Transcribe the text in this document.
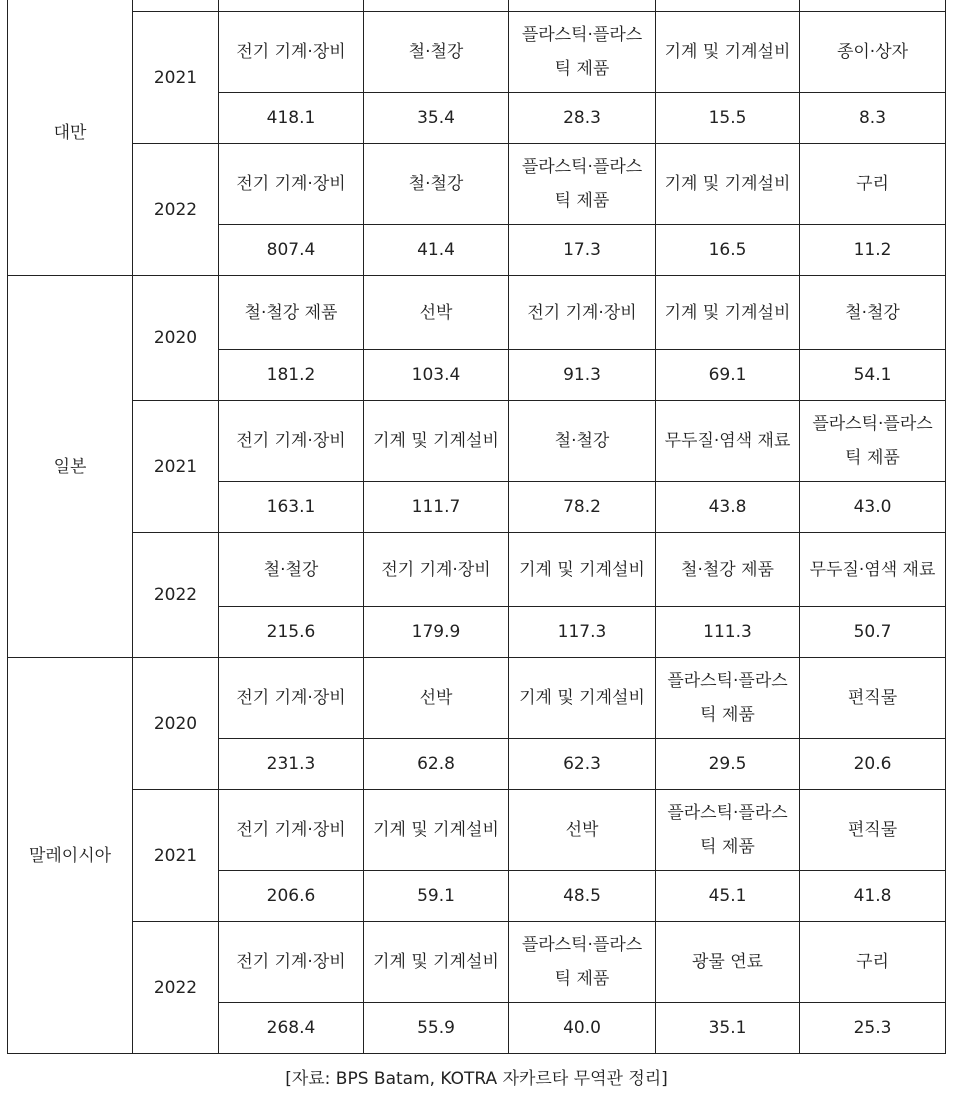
대만						
	2021	전기 기계·장비	철·철강	플라스틱·플라스틱 제품	기계 및 기계설비	종이·상자
		418.1	35.4	28.3	15.5	8.3
	2022	전기 기계·장비	철·철강	플라스틱·플라스틱 제품	기계 및 기계설비	구리
		807.4	41.4	17.3	16.5	11.2
일본	2020	철·철강 제품	선박	전기 기계·장비	기계 및 기계설비	철·철강
		181.2	103.4	91.3	69.1	54.1
	2021	전기 기계·장비	기계 및 기계설비	철·철강	무두질·염색 재료	플라스틱·플라스틱 제품
		163.1	111.7	78.2	43.8	43.0
	2022	철·철강	전기 기계·장비	기계 및 기계설비	철·철강 제품	무두질·염색 재료
		215.6	179.9	117.3	111.3	50.7
말레이시아	2020	전기 기계·장비	선박	기계 및 기계설비	플라스틱·플라스틱 제품	편직물
		231.3	62.8	62.3	29.5	20.6
	2021	전기 기계·장비	기계 및 기계설비	선박	플라스틱·플라스틱 제품	편직물
		206.6	59.1	48.5	45.1	41.8
	2022	전기 기계·장비	기계 및 기계설비	플라스틱·플라스틱 제품	광물 연료	구리
		268.4	55.9	40.0	35.1	25.3
[자료: BPS Batam, KOTRA 자카르타 무역관 정리]
